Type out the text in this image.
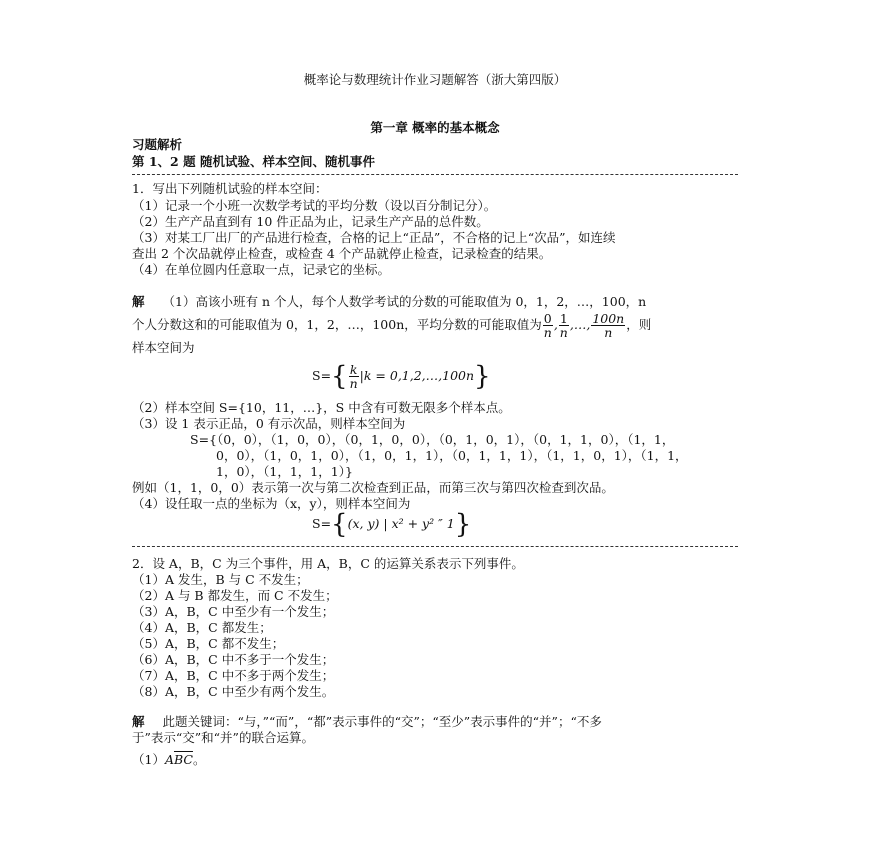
概率论与数理统计作业习题解答（浙大第四版）
第一章 概率的基本概念
习题解析
第 1、2 题 随机试验、样本空间、随机事件
1．写出下列随机试验的样本空间：
（1）记录一个小班一次数学考试的平均分数（设以百分制记分）。
（2）生产产品直到有 10 件正品为止，记录生产产品的总件数。
（3）对某工厂出厂的产品进行检查，合格的记上“正品”，不合格的记上“次品”，如连续
查出 2 个次品就停止检查，或检查 4 个产品就停止检查，记录检查的结果。
（4）在单位圆内任意取一点，记录它的坐标。
解 （1）高该小班有 n 个人，每个人数学考试的分数的可能取值为 0，1，2，…，100，n
个人分数这和的可能取值为 0，1，2，…，100n，平均分数的可能取值为 $\frac{0}{n}$ , $\frac{1}{n}$ ,…, $\frac{100n}{n}$ ，则
样本空间为
$S=\{ \frac{k}{n} |k$ = 0,1,2,…,100n}
（2）样本空间 S={10，11，…}，S 中含有可数无限多个样本点。
（3）设 1 表示正品，0 有示次品，则样本空间为
S={（0，0），（1，0，0），（0，1，0，0），（0，1，0，1），（0，1，1，0），（1，1，
0，0），（1，0，1，0），（1，0，1，1），（0，1，1，1），（1，1，0，1），（1，1，
1，0），（1，1，1，1）}
例如（1，1，0，0）表示第一次与第二次检查到正品，而第三次与第四次检查到次品。
（4）设任取一点的坐标为（x，y），则样本空间为
S={(x, y) | x² + y² ″ 1}
2．设 A，B，C 为三个事件，用 A，B，C 的运算关系表示下列事件。
（1）A 发生，B 与 C 不发生；
（2）A 与 B 都发生，而 C 不发生；
（3）A，B，C 中至少有一个发生；
（4）A，B，C 都发生；
（5）A，B，C 都不发生；
（6）A，B，C 中不多于一个发生；
（7）A，B，C 中不多于两个发生；
（8）A，B，C 中至少有两个发生。
解 此题关键词：“与，”“而”，“都”表示事件的“交”；“至少”表示事件的“并”；“不多
于”表示“交”和“并”的联合运算。
$(1)A\overline{BC}$。
